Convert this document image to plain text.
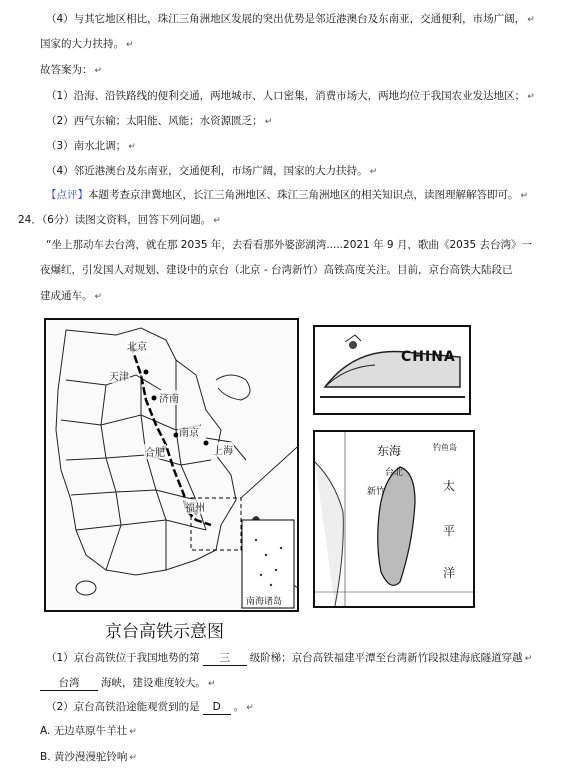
（4）与其它地区相比，珠江三角洲地区发展的突出优势是邻近港澳台及东南亚，交通便利，市场广阔， ↵
国家的大力扶持。 ↵
故答案为： ↵
（1）沿海、沿铁路线的便利交通，两地城市、人口密集，消费市场大，两地均位于我国农业发达地区； ↵
（2）西气东输；太阳能、风能；水资源匮乏； ↵
（3）南水北调； ↵
（4）邻近港澳台及东南亚，交通便利，市场广阔，国家的大力扶持。 ↵
【点评】本题考查京津冀地区，长江三角洲地区、珠江三角洲地区的相关知识点，读图理解解答即可。 ↵
24．（6分）读图文资料，回答下列问题。 ↵
“坐上那动车去台湾，就在那 2035 年，去看看那外婆澎湖湾.....2021 年 9 月，歌曲《2035 去台湾》一
夜爆红，引发国人对规划、建设中的京台（北京 - 台湾新竹）高铁高度关注。目前，京台高铁大陆段已
建成通车。 ↵
北京
天津
济南
南京
合肥	上海
福州
南海诸岛
CHINA
东海	钓鱼岛
台北
新竹	太
平
洋
京台高铁示意图
（1）京台高铁位于我国地势的第 三 级阶梯；京台高铁福建平潭至台湾新竹段拟建海底隧道穿越 ↵
台湾 海峡，建设难度较大。 ↵
（2）京台高铁沿途能观赏到的是 D 。 ↵
A. 无边草原牛羊壮 ↵
B. 黄沙漫漫驼铃响 ↵
